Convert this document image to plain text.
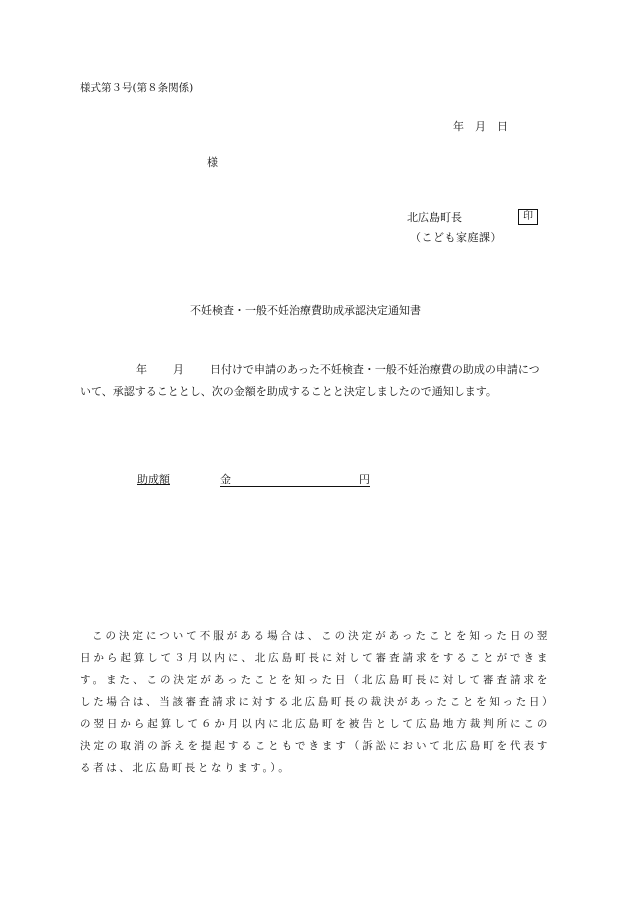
様式第３号(第８条関係)
年　月　日
様
北広島町長	印
（こども家庭課）
不妊検査・一般不妊治療費助成承認決定通知書
年 月 日付けで申請のあった不妊検査・一般不妊治療費の助成の申請について、承認することとし、次の金額を助成することと決定しましたので通知します。
助成額	金	円
この決定について不服がある場合は、この決定があったことを知った日の翌日から起算して３月以内に、北広島町長に対して審査請求をすることができます。また、この決定があったことを知った日（北広島町長に対して審査請求をした場合は、当該審査請求に対する北広島町長の裁決があったことを知った日）の翌日から起算して６か月以内に北広島町を被告として広島地方裁判所にこの決定の取消の訴えを提起することもできます（訴訟において北広島町を代表する者は、北広島町長となります。）。
